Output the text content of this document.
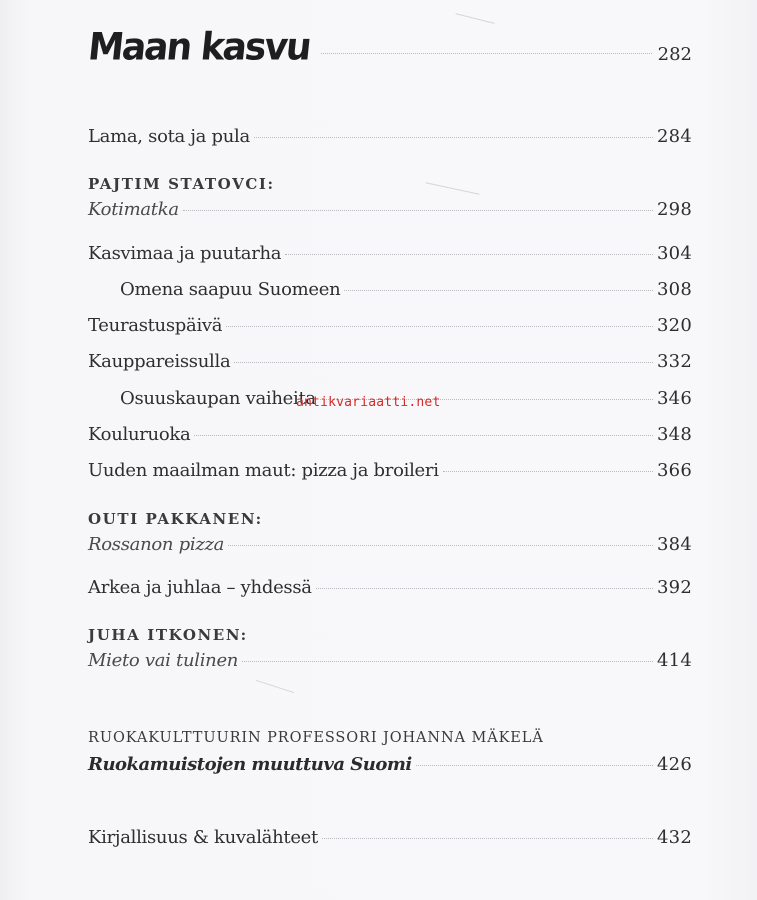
Maan kasvu	282
Lama, sota ja pula	284
PAJTIM STATOVCI:
Kotimatka	298
Kasvimaa ja puutarha	304
Omena saapuu Suomeen	308
Teurastuspäivä	320
Kauppareissulla	332
Osuuskaupan vaiheita	346
Kouluruoka	348
Uuden maailman maut: pizza ja broileri	366
OUTI PAKKANEN:
Rossanon pizza	384
Arkea ja juhlaa – yhdessä	392
JUHA ITKONEN:
Mieto vai tulinen	414
RUOKAKULTTUURIN PROFESSORI JOHANNA MÄKELÄ
Ruokamuistojen muuttuva Suomi	426
Kirjallisuus & kuvalähteet	432
antikvariaatti.net
